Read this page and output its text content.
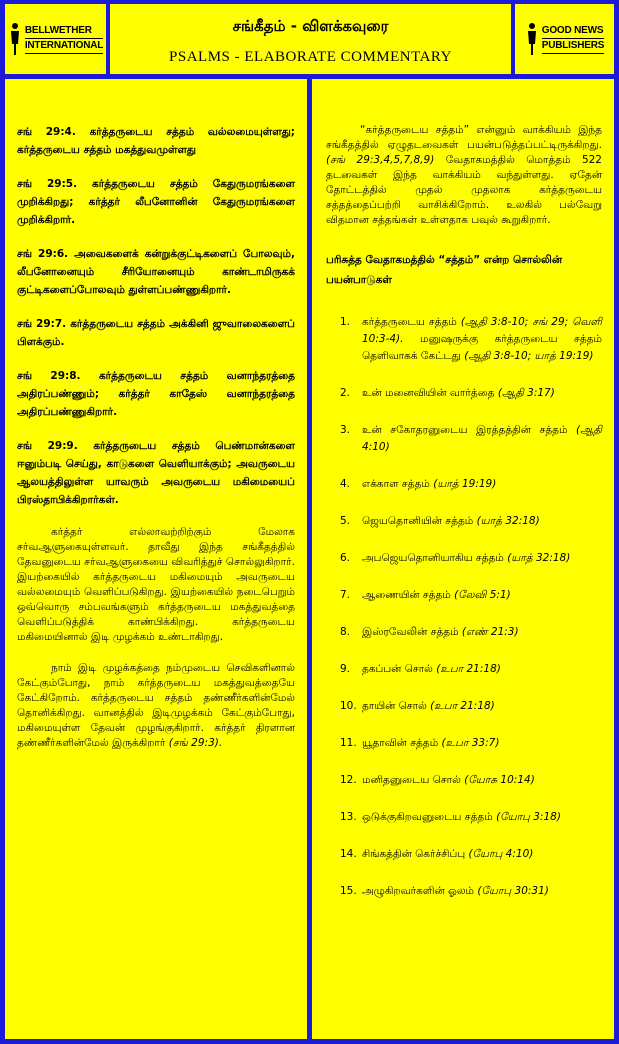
BELLWETHER
INTERNATIONAL
சங்கீதம் - விளக்கவுரை
PSALMS - ELABORATE COMMENTARY
GOOD NEWS
PUBLISHERS
சங் 29:4. கர்த்தருடைய சத்தம் வல்லமையுள்ளது; கர்த்தருடைய சத்தம் மகத்துவமுள்ளது
சங் 29:5. கர்த்தருடைய சத்தம் கேதுருமரங்களை முறிக்கிறது; கர்த்தர் லீபனோனின் கேதுருமரங்களை முறிக்கிறார்.
சங் 29:6. அவைகளைக் கன்றுக்குட்டிகளைப் போலவும், லீபனோனையும் சீரியோனையும் காண்டாமிருகக் குட்டிகளைப்போலவும் துள்ளப்பண்ணுகிறார்.
சங் 29:7. கர்த்தருடைய சத்தம் அக்கினி ஜுவாலைகளைப் பிளக்கும்.
சங் 29:8. கர்த்தருடைய சத்தம் வனாந்தரத்தை அதிரப்பண்ணும்; கர்த்தர் காதேஸ் வனாந்தரத்தை அதிரப்பண்ணுகிறார்.
சங் 29:9. கர்த்தருடைய சத்தம் பெண்மான்களை ஈனும்படி செய்து, காடுகளை வெளியாக்கும்; அவருடைய ஆலயத்திலுள்ள யாவரும் அவருடைய மகிமையைப் பிரஸ்தாபிக்கிறார்கள்.

கர்த்தர் எல்லாவற்றிற்கும் மேலாக சர்வஆளுகையுள்ளவர். தாவீது இந்த சங்கீதத்தில் தேவனுடைய சர்வஆளுகையை விவரித்துச் சொல்லுகிறார். இயற்கையில் கர்த்தருடைய மகிமையும் அவருடைய வல்லமையும் வெளிப்படுகிறது. இயற்கையில் நடைபெறும் ஒவ்வொரு சம்பவங்களும் கர்த்தருடைய மகத்துவத்தை வெளிப்படுத்திக் காண்பிக்கிறது. கர்த்தருடைய மகிமையினால் இடி முழக்கம் உண்டாகிறது.

நாம் இடி முழக்கத்தை நம்முடைய செவிகளினால் கேட்கும்போது, நாம் கர்த்தருடைய மகத்துவத்தையே கேட்கிறோம். கர்த்தருடைய சத்தம் தண்ணீர்களின்மேல் தொனிக்கிறது. வானத்தில் இடிமுழக்கம் கேட்கும்போது, மகிமையுள்ள தேவன் முழங்குகிறார். கர்த்தர் திரளான தண்ணீர்களின்மேல் இருக்கிறார் (சங் 29:3).

“கர்த்தருடைய சத்தம்” என்னும் வாக்கியம் இந்த சங்கீதத்தில் ஏழுதடவைகள் பயன்படுத்தப்பட்டிருக்கிறது. (சங் 29:3,4,5,7,8,9) வேதாகமத்தில் மொத்தம் 522 தடவைகள் இந்த வாக்கியம் வந்துள்ளது. ஏதேன் தோட்டத்தில் முதல் முதலாக கர்த்தருடைய சத்தத்தைப்பற்றி வாசிக்கிறோம். உலகில் பல்வேறு விதமான சத்தங்கள் உள்ளதாக பவுல் கூறுகிறார்.

பரிசுத்த வேதாகமத்தில் “சத்தம்” என்ற சொல்லின் பயன்பாடுகள்
1.	கர்த்தருடைய சத்தம் (ஆதி 3:8-10; சங் 29; வெளி 10:3-4). மனுஷருக்கு கர்த்தருடைய சத்தம் தெளிவாகக் கேட்டது (ஆதி 3:8-10; யாத் 19:19)
2.	உன் மனைவியின் வார்த்தை (ஆதி 3:17)
3.	உன் சகோதரனுடைய இரத்தத்தின் சத்தம் (ஆதி 4:10)
4.	எக்காள சத்தம் (யாத் 19:19)
5.	ஜெயதொனியின் சத்தம் (யாத் 32:18)
6.	அபஜெயதொனியாகிய சத்தம் (யாத் 32:18)
7.	ஆணையின் சத்தம் (லேவி 5:1)
8.	இஸ்ரவேலின் சத்தம் (எண் 21:3)
9.	தகப்பன் சொல் (உபா 21:18)
10. தாயின் சொல் (உபா 21:18)
11. யூதாவின் சத்தம் (உபா 33:7)
12. மனிதனுடைய சொல் (யோசு 10:14)
13. ஒடுக்குகிறவனுடைய சத்தம் (யோபு 3:18)
14. சிங்கத்தின் கெர்ச்சிப்பு (யோபு 4:10)
15. அழுகிறவர்களின் ஓலம் (யோபு 30:31)
